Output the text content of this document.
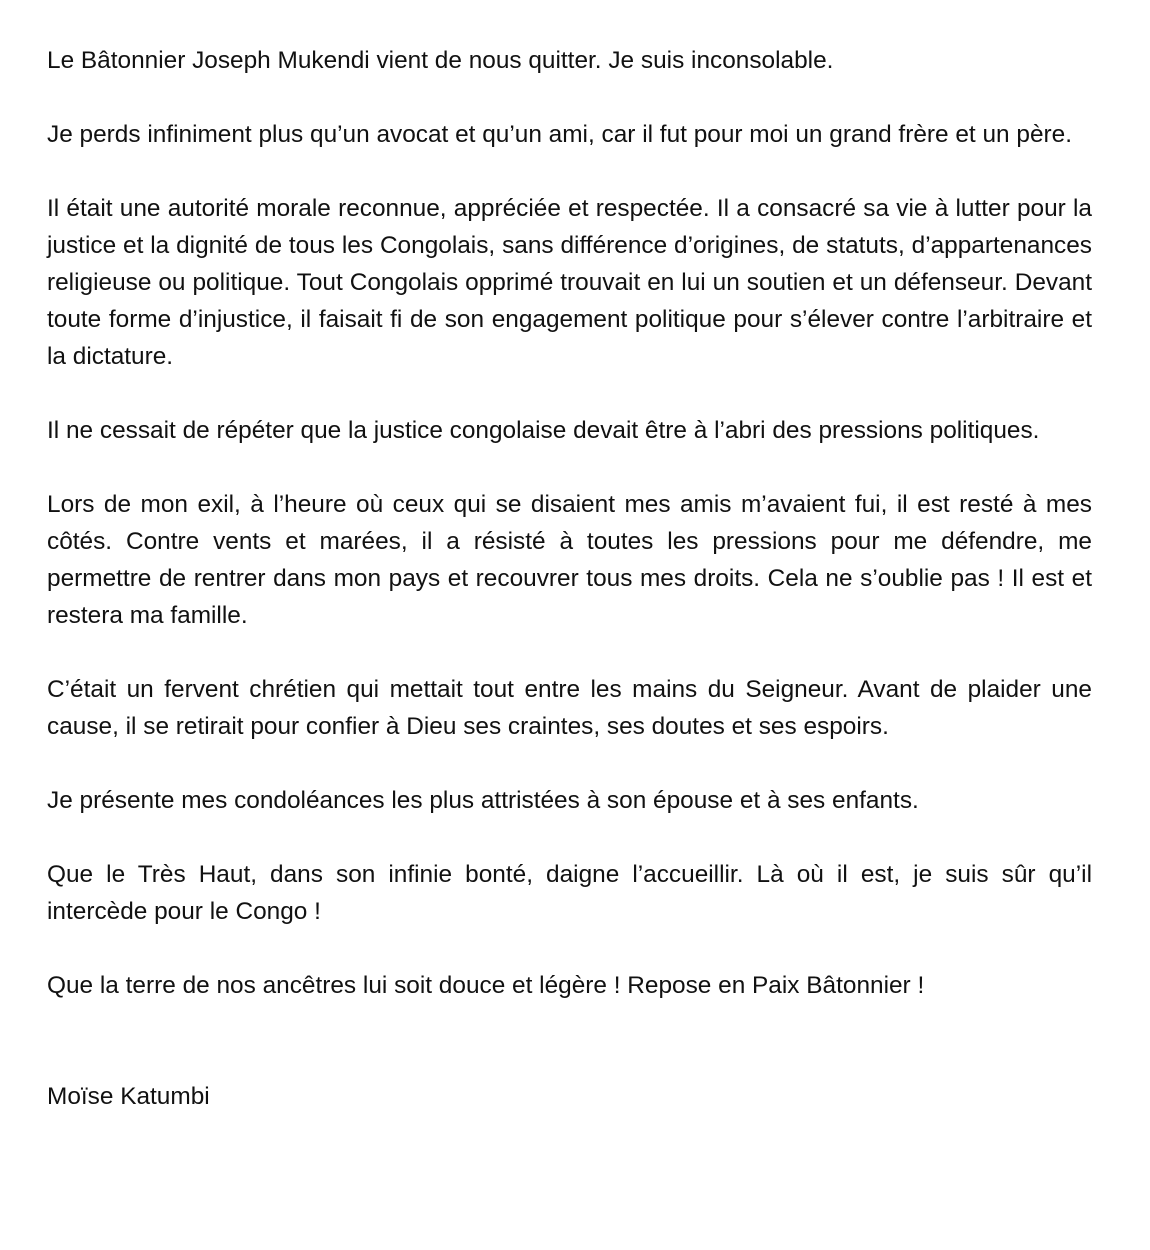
Le Bâtonnier Joseph Mukendi vient de nous quitter. Je suis inconsolable.

Je perds infiniment plus qu’un avocat et qu’un ami, car il fut pour moi un grand frère et un père.

Il était une autorité morale reconnue, appréciée et respectée. Il a consacré sa vie à lutter pour la justice et la dignité de tous les Congolais, sans différence d’origines, de statuts, d’appartenances religieuse ou politique. Tout Congolais opprimé trouvait en lui un soutien et un défenseur. Devant toute forme d’injustice, il faisait fi de son engagement politique pour s’élever contre l’arbitraire et la dictature.

Il ne cessait de répéter que la justice congolaise devait être à l’abri des pressions politiques.

Lors de mon exil, à l’heure où ceux qui se disaient mes amis m’avaient fui, il est resté à mes côtés. Contre vents et marées, il a résisté à toutes les pressions pour me défendre, me permettre de rentrer dans mon pays et recouvrer tous mes droits. Cela ne s’oublie pas ! Il est et restera ma famille.

C’était un fervent chrétien qui mettait tout entre les mains du Seigneur. Avant de plaider une cause, il se retirait pour confier à Dieu ses craintes, ses doutes et ses espoirs.

Je présente mes condoléances les plus attristées à son épouse et à ses enfants.

Que le Très Haut, dans son infinie bonté, daigne l’accueillir. Là où il est, je suis sûr qu’il intercède pour le Congo !

Que la terre de nos ancêtres lui soit douce et légère ! Repose en Paix Bâtonnier !

Moïse Katumbi
